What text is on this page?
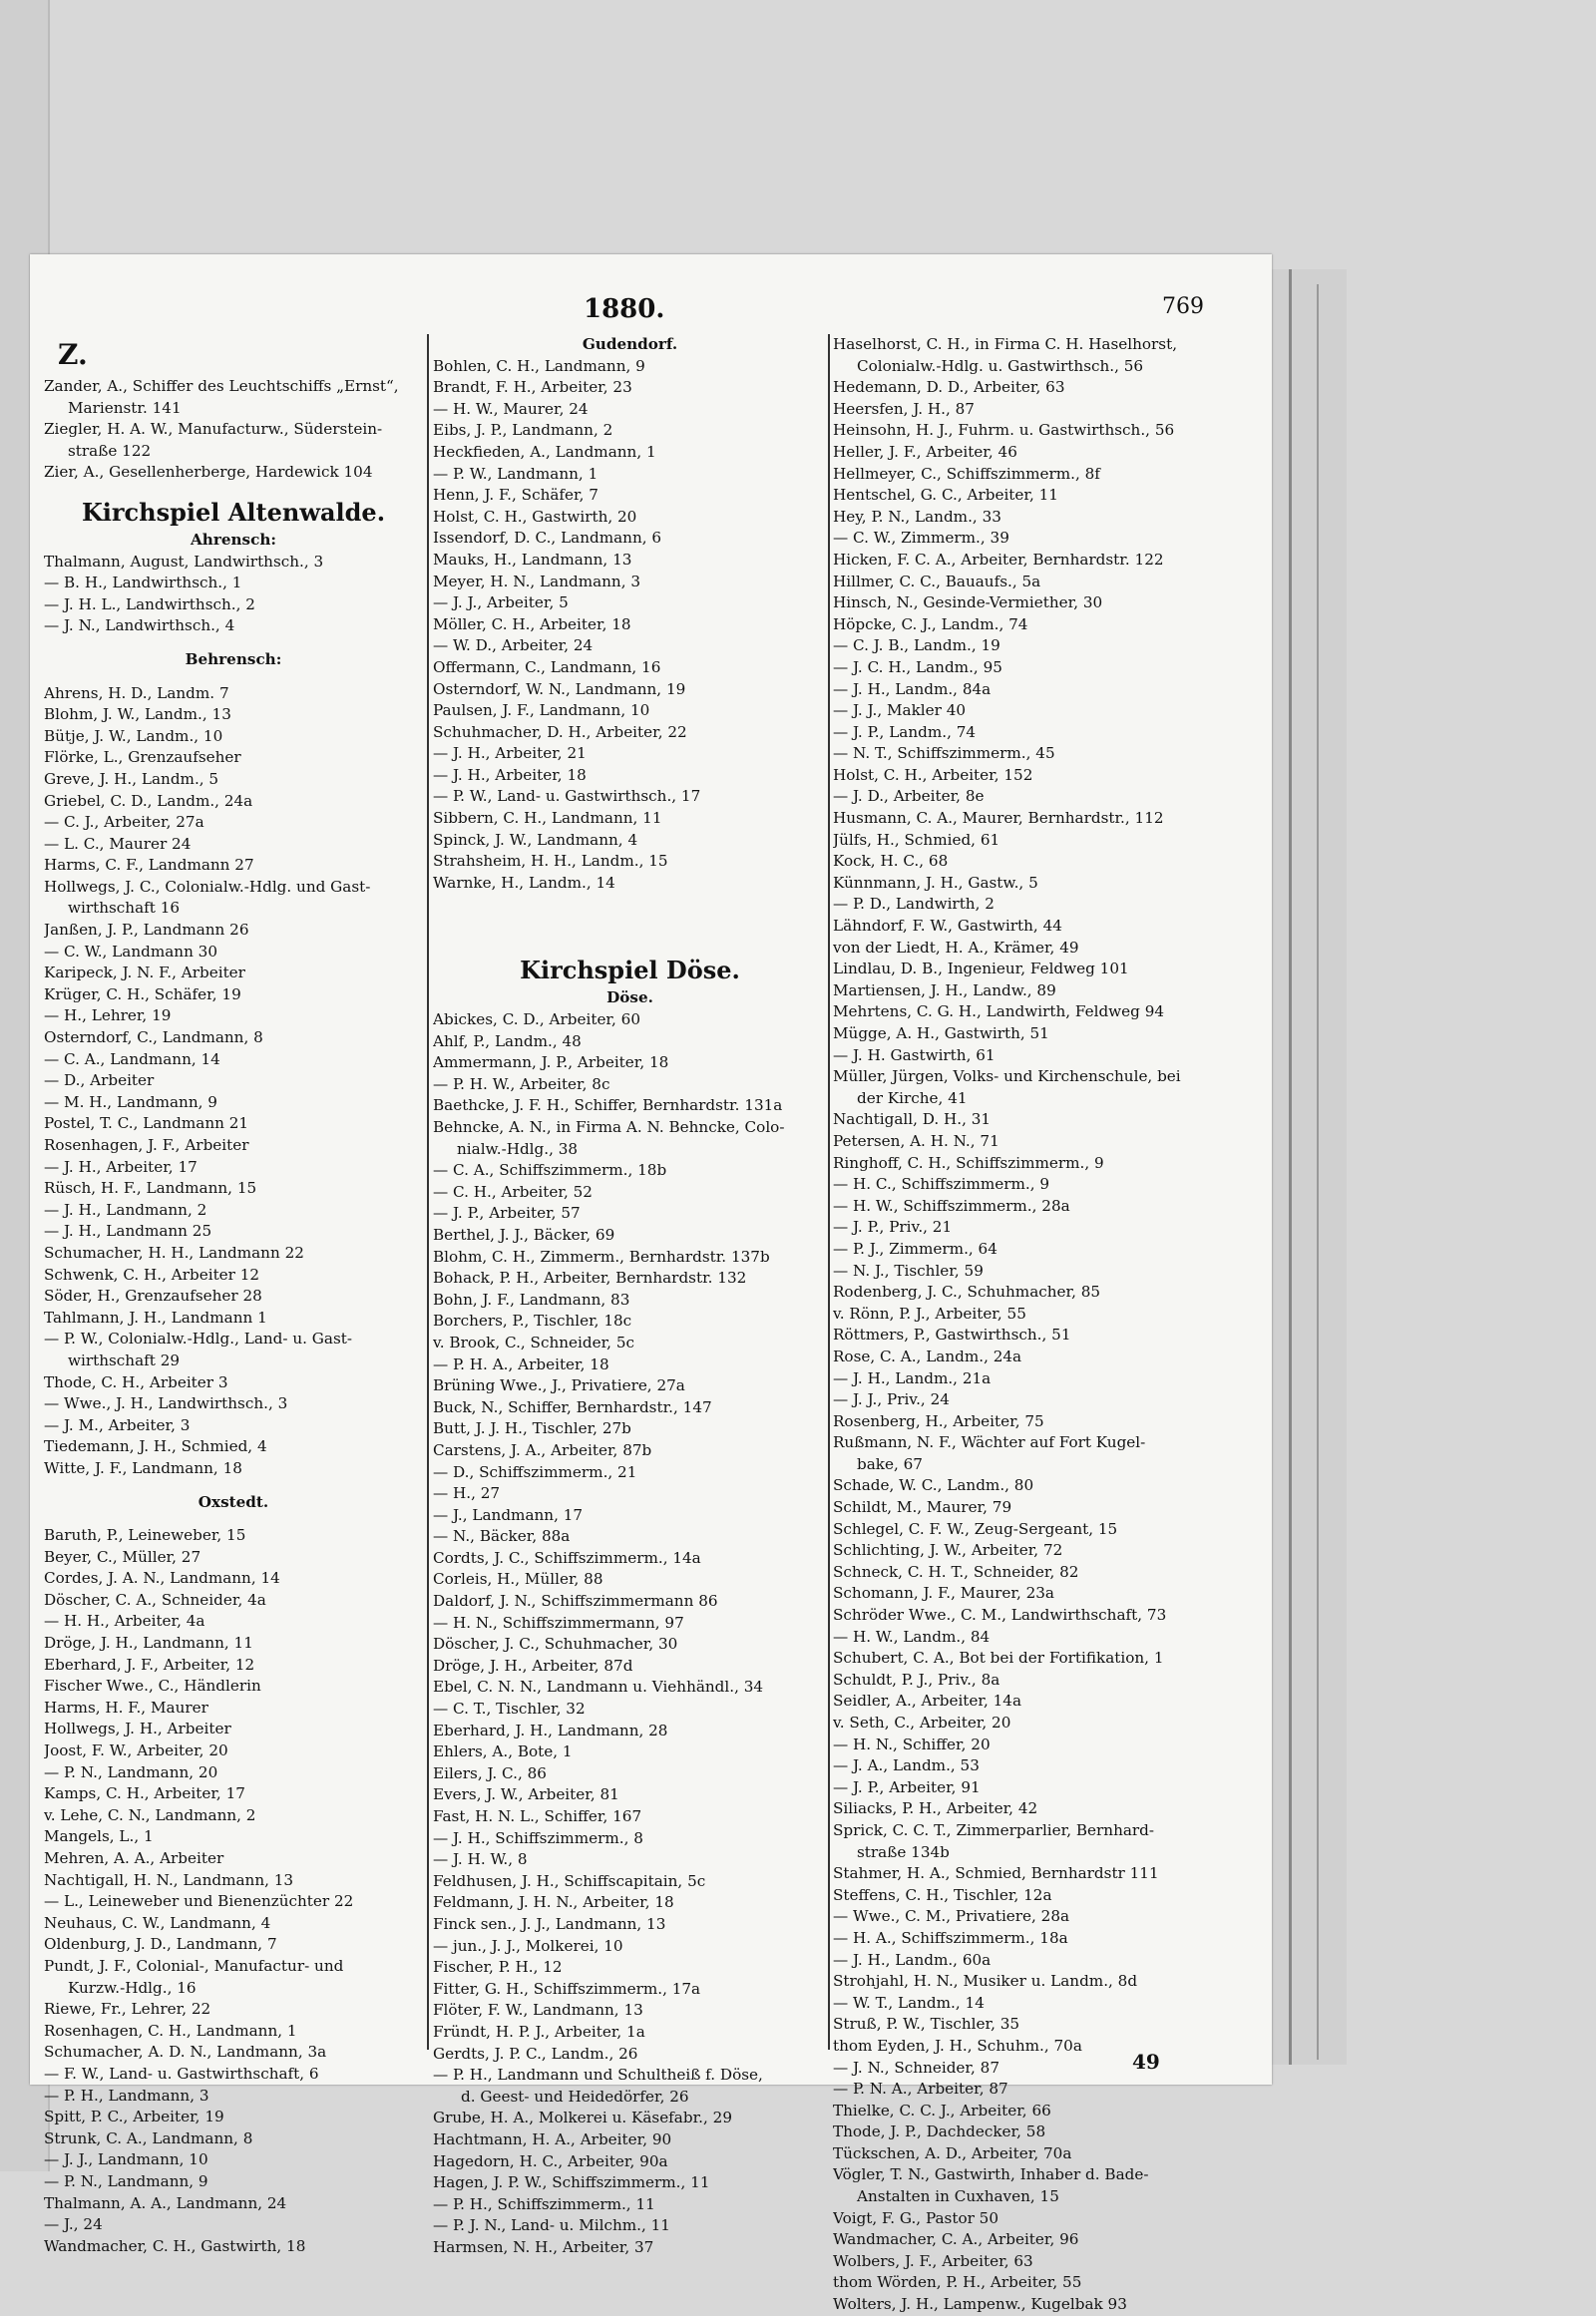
1880.	769
Z.
Zander, A., Schiffer des Leuchtschiffs „Ernst“,
Marienstr. 141
Ziegler, H. A. W., Manufacturw., Süderstein-
straße 122
Zier, A., Gesellenherberge, Hardewick 104
Kirchspiel Altenwalde.
Ahrensch:
Thalmann, August, Landwirthsch., 3
— B. H., Landwirthsch., 1
— J. H. L., Landwirthsch., 2
— J. N., Landwirthsch., 4
Behrensch:
Ahrens, H. D., Landm. 7
Blohm, J. W., Landm., 13
Bütje, J. W., Landm., 10
Flörke, L., Grenzaufseher
Greve, J. H., Landm., 5
Griebel, C. D., Landm., 24a
— C. J., Arbeiter, 27a
— L. C., Maurer 24
Harms, C. F., Landmann 27
Hollwegs, J. C., Colonialw.-Hdlg. und Gast-
wirthschaft 16
Janßen, J. P., Landmann 26
— C. W., Landmann 30
Karipeck, J. N. F., Arbeiter
Krüger, C. H., Schäfer, 19
— H., Lehrer, 19
Osterndorf, C., Landmann, 8
— C. A., Landmann, 14
— D., Arbeiter
— M. H., Landmann, 9
Postel, T. C., Landmann 21
Rosenhagen, J. F., Arbeiter
— J. H., Arbeiter, 17
Rüsch, H. F., Landmann, 15
— J. H., Landmann, 2
— J. H., Landmann 25
Schumacher, H. H., Landmann 22
Schwenk, C. H., Arbeiter 12
Söder, H., Grenzaufseher 28
Tahlmann, J. H., Landmann 1
— P. W., Colonialw.-Hdlg., Land- u. Gast-
wirthschaft 29
Thode, C. H., Arbeiter 3
— Wwe., J. H., Landwirthsch., 3
— J. M., Arbeiter, 3
Tiedemann, J. H., Schmied, 4
Witte, J. F., Landmann, 18
Oxstedt.
Baruth, P., Leineweber, 15
Beyer, C., Müller, 27
Cordes, J. A. N., Landmann, 14
Döscher, C. A., Schneider, 4a
— H. H., Arbeiter, 4a
Dröge, J. H., Landmann, 11
Eberhard, J. F., Arbeiter, 12
Fischer Wwe., C., Händlerin
Harms, H. F., Maurer
Hollwegs, J. H., Arbeiter
Joost, F. W., Arbeiter, 20
— P. N., Landmann, 20
Kamps, C. H., Arbeiter, 17
v. Lehe, C. N., Landmann, 2
Mangels, L., 1
Mehren, A. A., Arbeiter
Nachtigall, H. N., Landmann, 13
— L., Leineweber und Bienenzüchter 22
Neuhaus, C. W., Landmann, 4
Oldenburg, J. D., Landmann, 7
Pundt, J. F., Colonial-, Manufactur- und
Kurzw.-Hdlg., 16
Riewe, Fr., Lehrer, 22
Rosenhagen, C. H., Landmann, 1
Schumacher, A. D. N., Landmann, 3a
— F. W., Land- u. Gastwirthschaft, 6
— P. H., Landmann, 3
Spitt, P. C., Arbeiter, 19
Strunk, C. A., Landmann, 8
— J. J., Landmann, 10
— P. N., Landmann, 9
Thalmann, A. A., Landmann, 24
— J., 24
Wandmacher, C. H., Gastwirth, 18
Gudendorf.
Bohlen, C. H., Landmann, 9
Brandt, F. H., Arbeiter, 23
— H. W., Maurer, 24
Eibs, J. P., Landmann, 2
Heckfieden, A., Landmann, 1
— P. W., Landmann, 1
Henn, J. F., Schäfer, 7
Holst, C. H., Gastwirth, 20
Issendorf, D. C., Landmann, 6
Mauks, H., Landmann, 13
Meyer, H. N., Landmann, 3
— J. J., Arbeiter, 5
Möller, C. H., Arbeiter, 18
— W. D., Arbeiter, 24
Offermann, C., Landmann, 16
Osterndorf, W. N., Landmann, 19
Paulsen, J. F., Landmann, 10
Schuhmacher, D. H., Arbeiter, 22
— J. H., Arbeiter, 21
— J. H., Arbeiter, 18
— P. W., Land- u. Gastwirthsch., 17
Sibbern, C. H., Landmann, 11
Spinck, J. W., Landmann, 4
Strahsheim, H. H., Landm., 15
Warnke, H., Landm., 14
Kirchspiel Döse.
Döse.
Abickes, C. D., Arbeiter, 60
Ahlf, P., Landm., 48
Ammermann, J. P., Arbeiter, 18
— P. H. W., Arbeiter, 8c
Baethcke, J. F. H., Schiffer, Bernhardstr. 131a
Behncke, A. N., in Firma A. N. Behncke, Colo-
nialw.-Hdlg., 38
— C. A., Schiffszimmerm., 18b
— C. H., Arbeiter, 52
— J. P., Arbeiter, 57
Berthel, J. J., Bäcker, 69
Blohm, C. H., Zimmerm., Bernhardstr. 137b
Bohack, P. H., Arbeiter, Bernhardstr. 132
Bohn, J. F., Landmann, 83
Borchers, P., Tischler, 18c
v. Brook, C., Schneider, 5c
— P. H. A., Arbeiter, 18
Brüning Wwe., J., Privatiere, 27a
Buck, N., Schiffer, Bernhardstr., 147
Butt, J. J. H., Tischler, 27b
Carstens, J. A., Arbeiter, 87b
— D., Schiffszimmerm., 21
— H., 27
— J., Landmann, 17
— N., Bäcker, 88a
Cordts, J. C., Schiffszimmerm., 14a
Corleis, H., Müller, 88
Daldorf, J. N., Schiffszimmermann 86
— H. N., Schiffszimmermann, 97
Döscher, J. C., Schuhmacher, 30
Dröge, J. H., Arbeiter, 87d
Ebel, C. N. N., Landmann u. Viehhändl., 34
— C. T., Tischler, 32
Eberhard, J. H., Landmann, 28
Ehlers, A., Bote, 1
Eilers, J. C., 86
Evers, J. W., Arbeiter, 81
Fast, H. N. L., Schiffer, 167
— J. H., Schiffszimmerm., 8
— J. H. W., 8
Feldhusen, J. H., Schiffscapitain, 5c
Feldmann, J. H. N., Arbeiter, 18
Finck sen., J. J., Landmann, 13
— jun., J. J., Molkerei, 10
Fischer, P. H., 12
Fitter, G. H., Schiffszimmerm., 17a
Flöter, F. W., Landmann, 13
Fründt, H. P. J., Arbeiter, 1a
Gerdts, J. P. C., Landm., 26
— P. H., Landmann und Schultheiß f. Döse,
d. Geest- und Heidedörfer, 26
Grube, H. A., Molkerei u. Käsefabr., 29
Hachtmann, H. A., Arbeiter, 90
Hagedorn, H. C., Arbeiter, 90a
Hagen, J. P. W., Schiffszimmerm., 11
— P. H., Schiffszimmerm., 11
— P. J. N., Land- u. Milchm., 11
Harmsen, N. H., Arbeiter, 37
Haselhorst, C. H., in Firma C. H. Haselhorst,
Colonialw.-Hdlg. u. Gastwirthsch., 56
Hedemann, D. D., Arbeiter, 63
Heersfen, J. H., 87
Heinsohn, H. J., Fuhrm. u. Gastwirthsch., 56
Heller, J. F., Arbeiter, 46
Hellmeyer, C., Schiffszimmerm., 8f
Hentschel, G. C., Arbeiter, 11
Hey, P. N., Landm., 33
— C. W., Zimmerm., 39
Hicken, F. C. A., Arbeiter, Bernhardstr. 122
Hillmer, C. C., Bauaufs., 5a
Hinsch, N., Gesinde-Vermiether, 30
Höpcke, C. J., Landm., 74
— C. J. B., Landm., 19
— J. C. H., Landm., 95
— J. H., Landm., 84a
— J. J., Makler 40
— J. P., Landm., 74
— N. T., Schiffszimmerm., 45
Holst, C. H., Arbeiter, 152
— J. D., Arbeiter, 8e
Husmann, C. A., Maurer, Bernhardstr., 112
Jülfs, H., Schmied, 61
Kock, H. C., 68
Künnmann, J. H., Gastw., 5
— P. D., Landwirth, 2
Lähndorf, F. W., Gastwirth, 44
von der Liedt, H. A., Krämer, 49
Lindlau, D. B., Ingenieur, Feldweg 101
Martiensen, J. H., Landw., 89
Mehrtens, C. G. H., Landwirth, Feldweg 94
Mügge, A. H., Gastwirth, 51
— J. H. Gastwirth, 61
Müller, Jürgen, Volks- und Kirchenschule, bei
der Kirche, 41
Nachtigall, D. H., 31
Petersen, A. H. N., 71
Ringhoff, C. H., Schiffszimmerm., 9
— H. C., Schiffszimmerm., 9
— H. W., Schiffszimmerm., 28a
— J. P., Priv., 21
— P. J., Zimmerm., 64
— N. J., Tischler, 59
Rodenberg, J. C., Schuhmacher, 85
v. Rönn, P. J., Arbeiter, 55
Röttmers, P., Gastwirthsch., 51
Rose, C. A., Landm., 24a
— J. H., Landm., 21a
— J. J., Priv., 24
Rosenberg, H., Arbeiter, 75
Rußmann, N. F., Wächter auf Fort Kugel-
bake, 67
Schade, W. C., Landm., 80
Schildt, M., Maurer, 79
Schlegel, C. F. W., Zeug-Sergeant, 15
Schlichting, J. W., Arbeiter, 72
Schneck, C. H. T., Schneider, 82
Schomann, J. F., Maurer, 23a
Schröder Wwe., C. M., Landwirthschaft, 73
— H. W., Landm., 84
Schubert, C. A., Bot bei der Fortifikation, 1
Schuldt, P. J., Priv., 8a
Seidler, A., Arbeiter, 14a
v. Seth, C., Arbeiter, 20
— H. N., Schiffer, 20
— J. A., Landm., 53
— J. P., Arbeiter, 91
Siliacks, P. H., Arbeiter, 42
Sprick, C. C. T., Zimmerparlier, Bernhard-
straße 134b
Stahmer, H. A., Schmied, Bernhardstr 111
Steffens, C. H., Tischler, 12a
— Wwe., C. M., Privatiere, 28a
— H. A., Schiffszimmerm., 18a
— J. H., Landm., 60a
Strohjahl, H. N., Musiker u. Landm., 8d
— W. T., Landm., 14
Struß, P. W., Tischler, 35
thom Eyden, J. H., Schuhm., 70a
— J. N., Schneider, 87
— P. N. A., Arbeiter, 87
Thielke, C. C. J., Arbeiter, 66
Thode, J. P., Dachdecker, 58
Tückschen, A. D., Arbeiter, 70a
Vögler, T. N., Gastwirth, Inhaber d. Bade-
Anstalten in Cuxhaven, 15
Voigt, F. G., Pastor 50
Wandmacher, C. A., Arbeiter, 96
Wolbers, J. F., Arbeiter, 63
thom Wörden, P. H., Arbeiter, 55
Wolters, J. H., Lampenw., Kugelbak 93
49
